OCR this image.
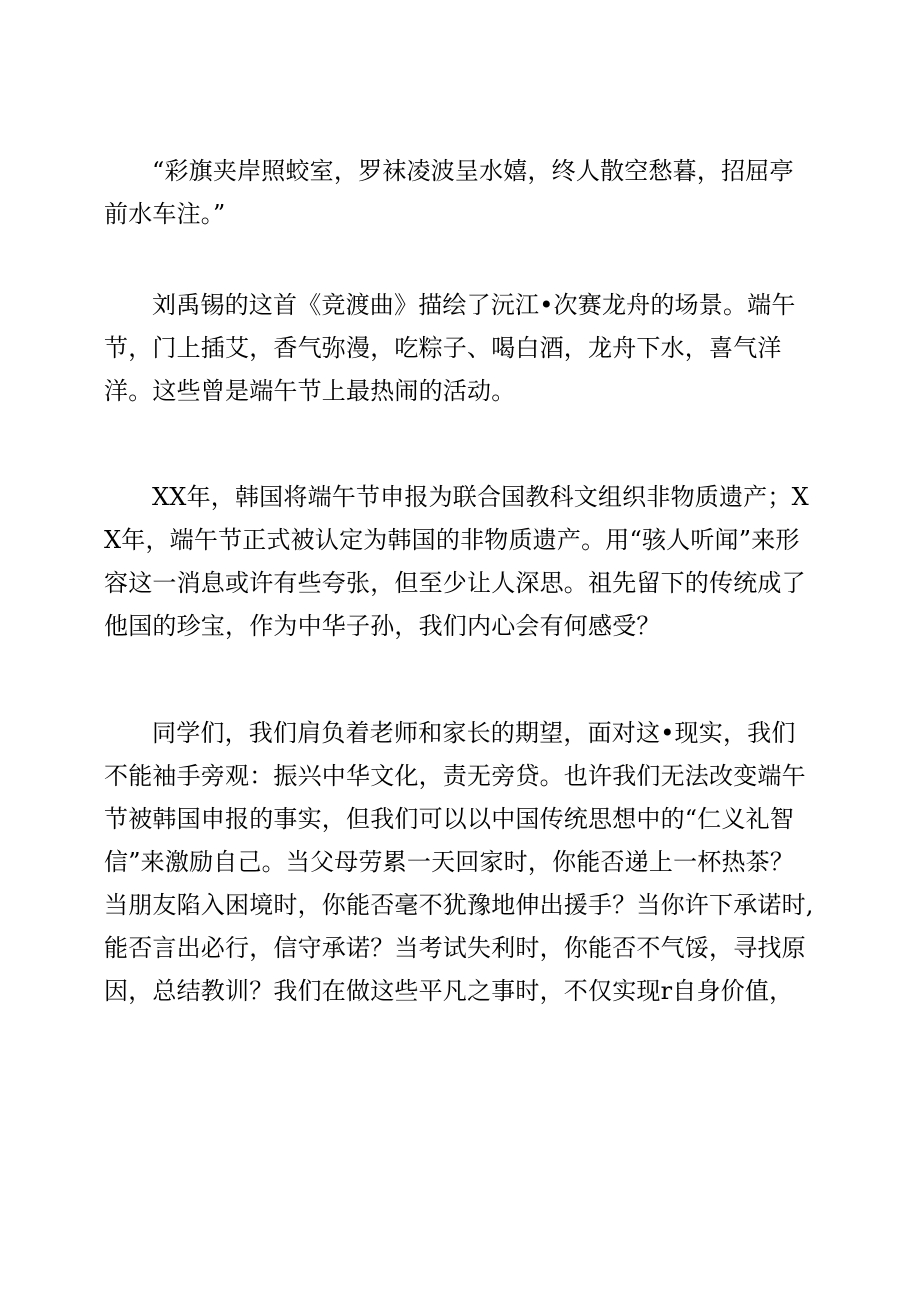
“彩旗夹岸照蛟室，罗袜凌波呈水嬉，终人散空愁暮，招屈亭前水车注。”

刘禹锡的这首《竞渡曲》描绘了沅江•次赛龙舟的场景。端午节，门上插艾，香气弥漫，吃粽子、喝白酒，龙舟下水，喜气洋洋。这些曾是端午节上最热闹的活动。

XX年，韩国将端午节申报为联合国教科文组织非物质遗产；XX年，端午节正式被认定为韩国的非物质遗产。用“骇人听闻”来形容这一消息或许有些夸张，但至少让人深思。祖先留下的传统成了他国的珍宝，作为中华子孙，我们内心会有何感受？

同学们，我们肩负着老师和家长的期望，面对这•现实，我们不能袖手旁观：振兴中华文化，责无旁贷。也许我们无法改变端午节被韩国申报的事实，但我们可以以中国传统思想中的“仁义礼智信”来激励自己。当父母劳累一天回家时，你能否递上一杯热茶？当朋友陷入困境时，你能否毫不犹豫地伸出援手？当你许下承诺时,能否言出必行，信守承诺？当考试失利时，你能否不气馁，寻找原因，总结教训？我们在做这些平凡之事时，不仅实现r自身价值，
